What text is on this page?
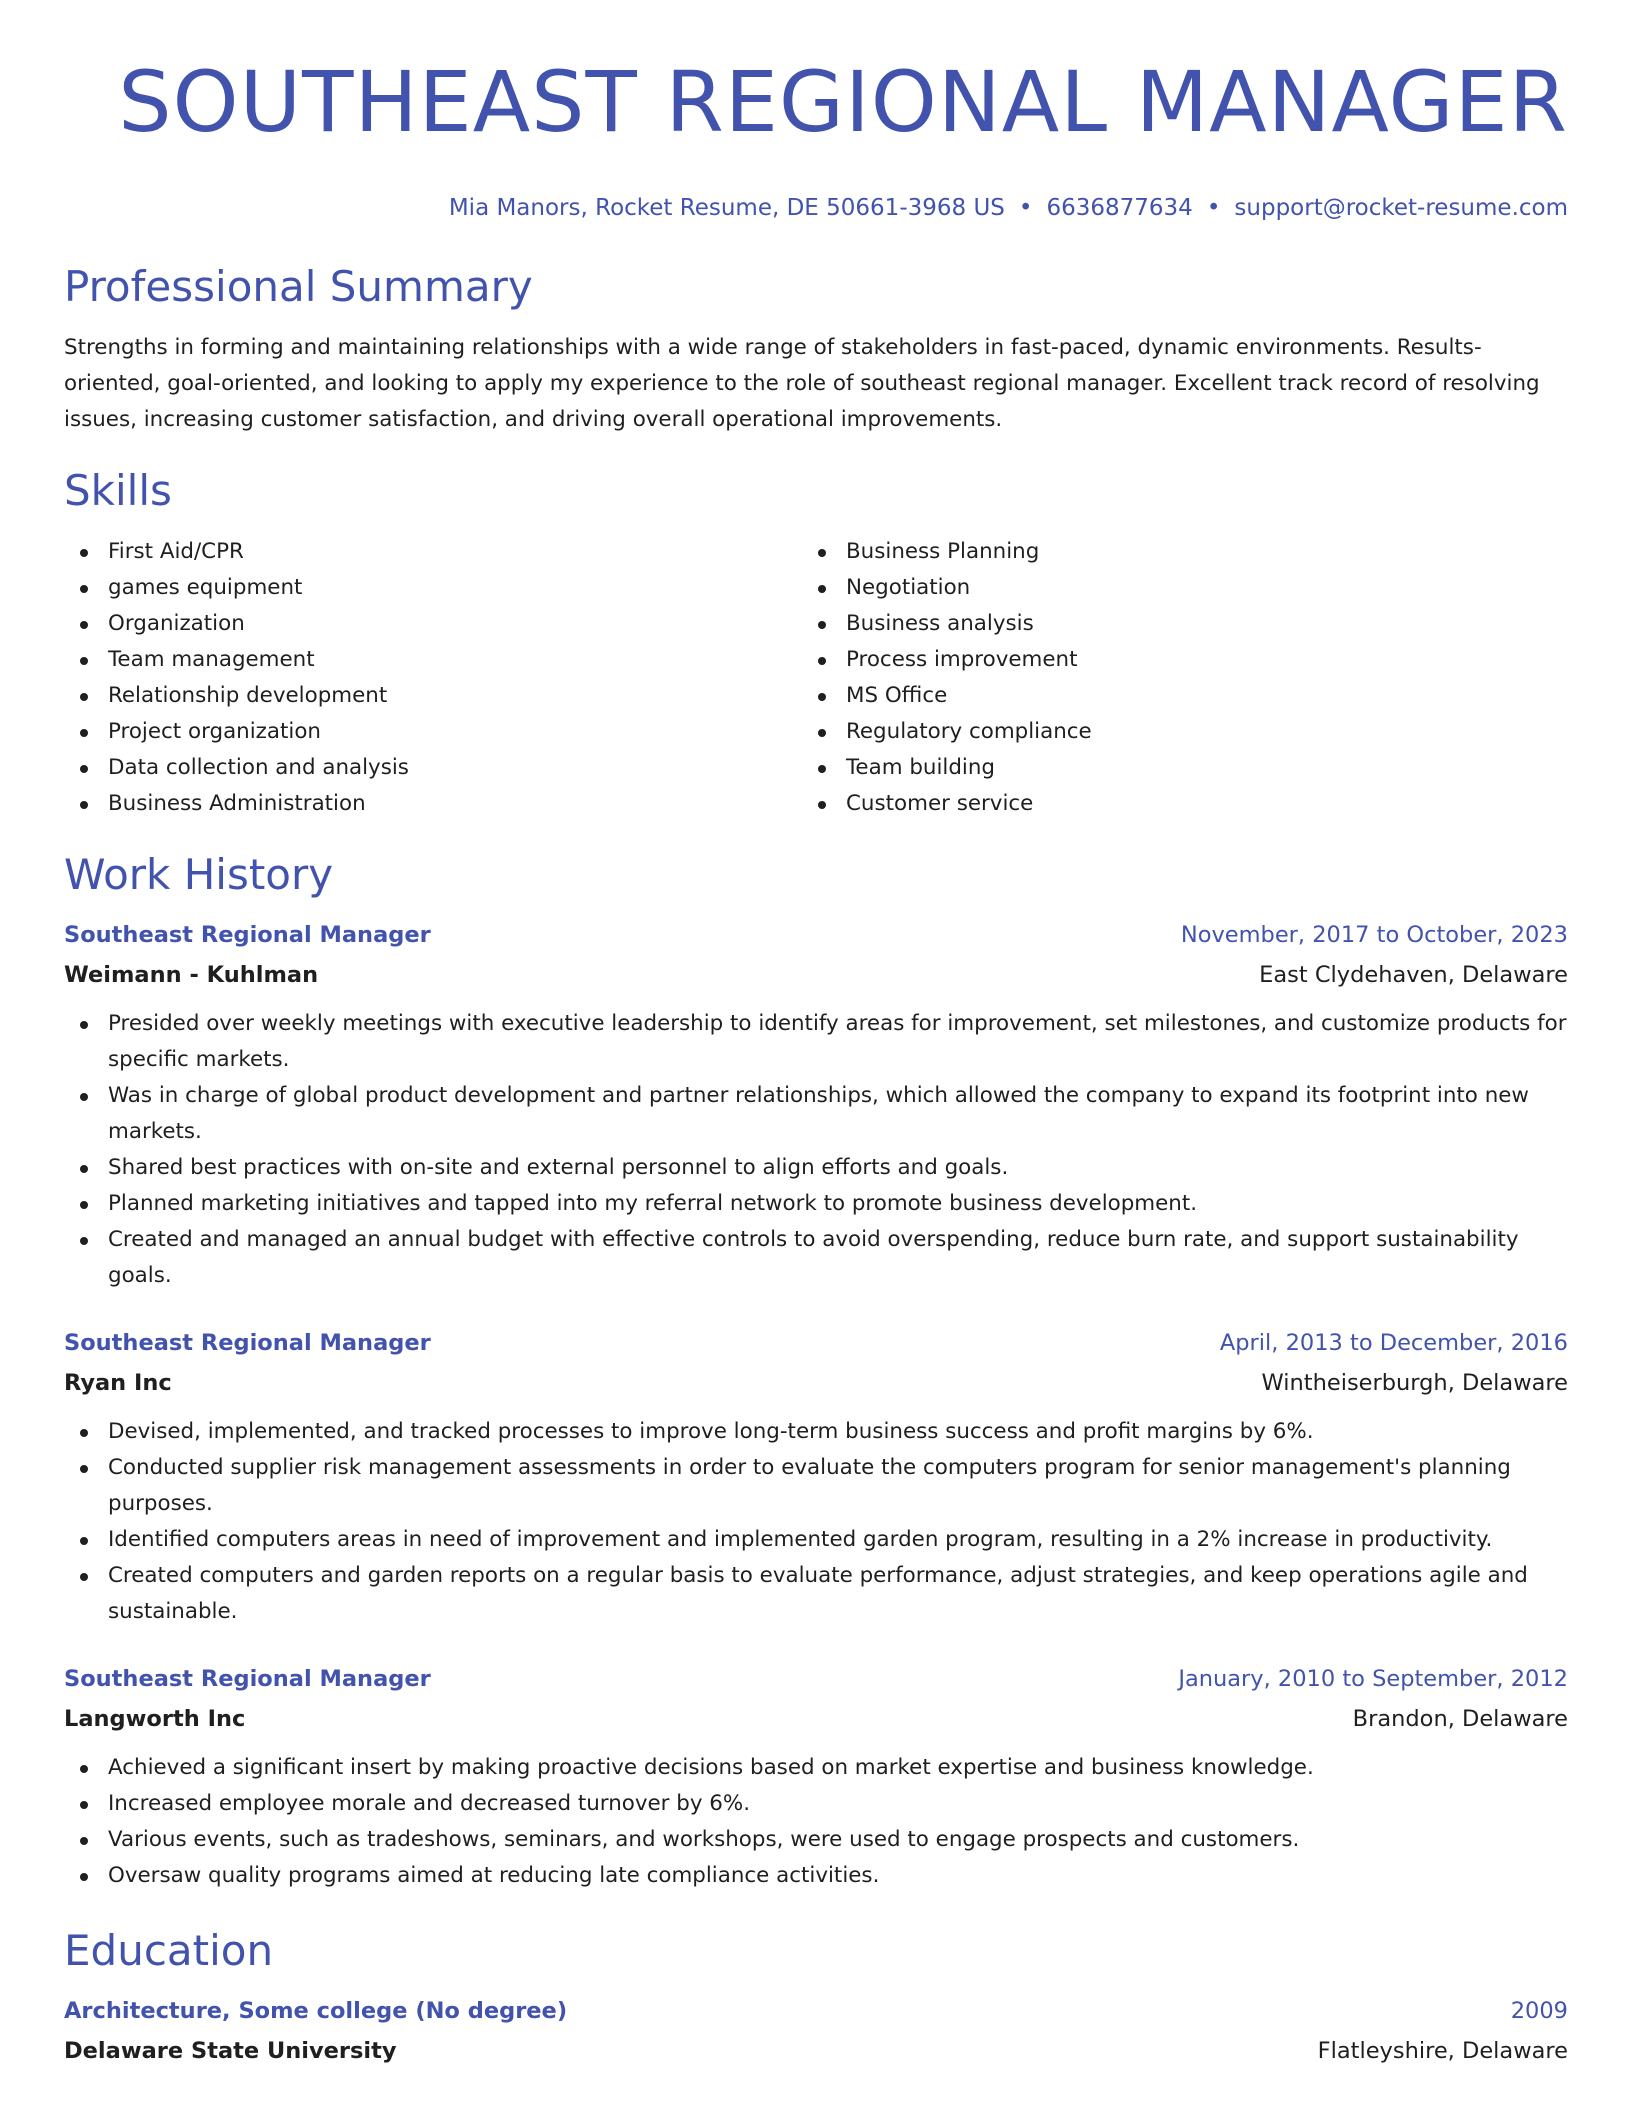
SOUTHEAST REGIONAL MANAGER
Mia Manors, Rocket Resume, DE 50661-3968 US • 6636877634 • support@rocket-resume.com
Professional Summary

Strengths in forming and maintaining relationships with a wide range of stakeholders in fast-paced, dynamic environments. Results-oriented, goal-oriented, and looking to apply my experience to the role of southeast regional manager. Excellent track record of resolving issues, increasing customer satisfaction, and driving overall operational improvements.

Skills
First Aid/CPR
games equipment
Organization
Team management
Relationship development
Project organization
Data collection and analysis
Business Administration
Business Planning
Negotiation
Business analysis
Process improvement
MS Office
Regulatory compliance
Team building
Customer service
Work History
Southeast Regional Manager	November, 2017 to October, 2023
Weimann - Kuhlman	East Clydehaven, Delaware
Presided over weekly meetings with executive leadership to identify areas for improvement, set milestones, and customize products for specific markets.
Was in charge of global product development and partner relationships, which allowed the company to expand its footprint into new markets.
Shared best practices with on-site and external personnel to align efforts and goals.
Planned marketing initiatives and tapped into my referral network to promote business development.
Created and managed an annual budget with effective controls to avoid overspending, reduce burn rate, and support sustainability goals.
Southeast Regional Manager	April, 2013 to December, 2016
Ryan Inc	Wintheiserburgh, Delaware
Devised, implemented, and tracked processes to improve long-term business success and profit margins by 6%.
Conducted supplier risk management assessments in order to evaluate the computers program for senior management's planning purposes.
Identified computers areas in need of improvement and implemented garden program, resulting in a 2% increase in productivity.
Created computers and garden reports on a regular basis to evaluate performance, adjust strategies, and keep operations agile and sustainable.
Southeast Regional Manager	January, 2010 to September, 2012
Langworth Inc	Brandon, Delaware
Achieved a significant insert by making proactive decisions based on market expertise and business knowledge.
Increased employee morale and decreased turnover by 6%.
Various events, such as tradeshows, seminars, and workshops, were used to engage prospects and customers.
Oversaw quality programs aimed at reducing late compliance activities.
Education
Architecture, Some college (No degree)	2009
Delaware State University	Flatleyshire, Delaware
